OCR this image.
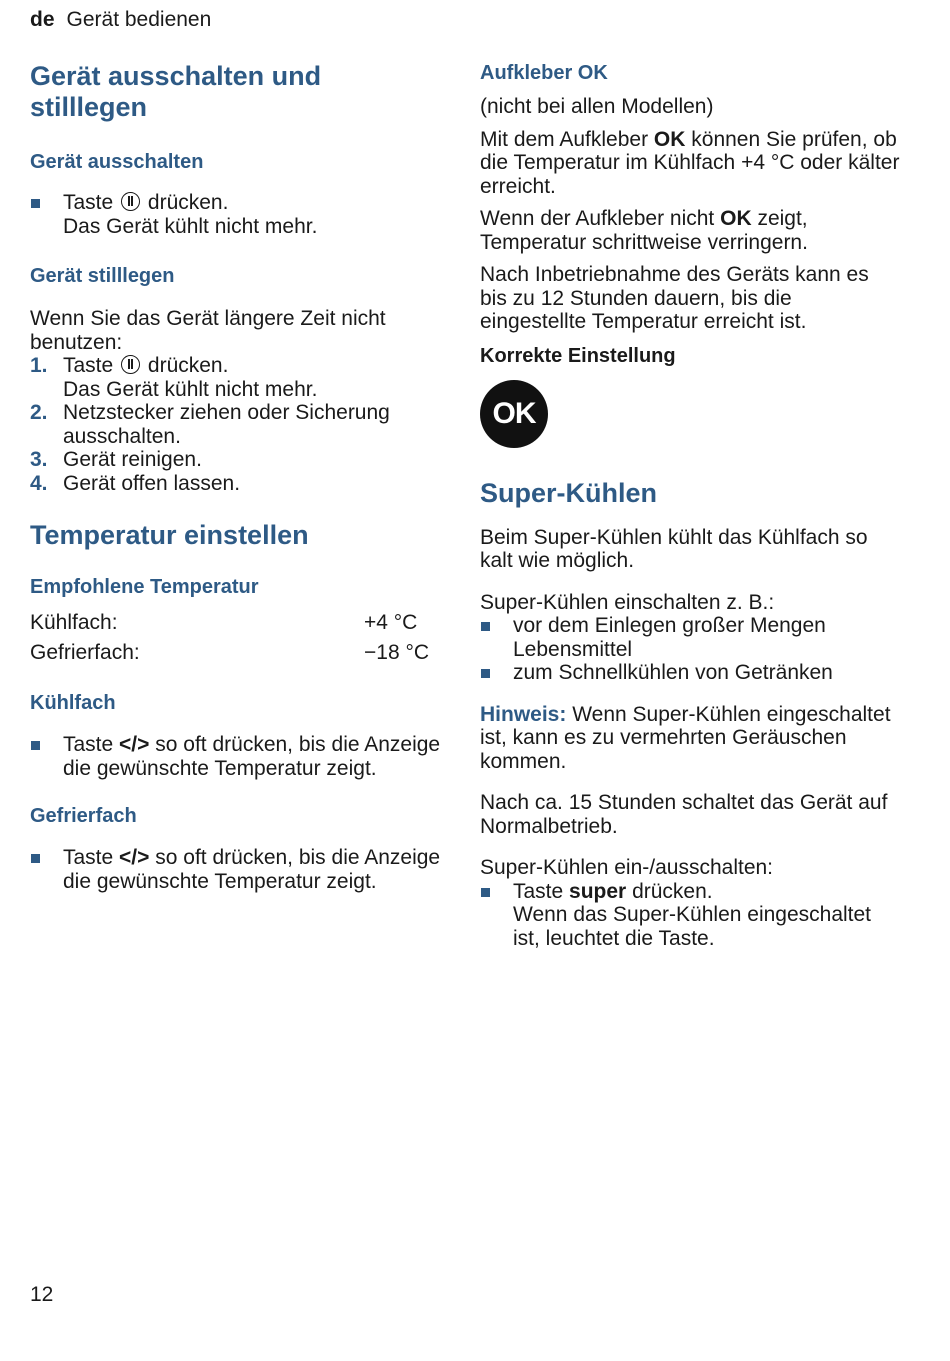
de Gerät bedienen
Gerät ausschalten und stilllegen
Gerät ausschalten
Taste drücken.
Das Gerät kühlt nicht mehr.
Gerät stilllegen
Wenn Sie das Gerät längere Zeit nicht benutzen:
1. Taste drücken.
Das Gerät kühlt nicht mehr.
2. Netzstecker ziehen oder Sicherung ausschalten.
3. Gerät reinigen.
4. Gerät offen lassen.
Temperatur einstellen
Empfohlene Temperatur
Kühlfach:	+4 °C
Gefrierfach:	−18 °C
Kühlfach
Taste </> so oft drücken, bis die Anzeige die gewünschte Temperatur zeigt.
Gefrierfach
Taste </> so oft drücken, bis die Anzeige die gewünschte Temperatur zeigt.
Aufkleber OK
(nicht bei allen Modellen)
Mit dem Aufkleber OK können Sie prüfen, ob die Temperatur im Kühlfach +4 °C oder kälter erreicht.
Wenn der Aufkleber nicht OK zeigt, Temperatur schrittweise verringern.
Nach Inbetriebnahme des Geräts kann es bis zu 12 Stunden dauern, bis die eingestellte Temperatur erreicht ist.
Korrekte Einstellung
OK
Super-Kühlen
Beim Super-Kühlen kühlt das Kühlfach so kalt wie möglich.
Super-Kühlen einschalten z. B.:
vor dem Einlegen großer Mengen Lebensmittel
zum Schnellkühlen von Getränken
Hinweis: Wenn Super-Kühlen eingeschaltet ist, kann es zu vermehrten Geräuschen kommen.
Nach ca. 15 Stunden schaltet das Gerät auf Normalbetrieb.
Super-Kühlen ein-/ausschalten:
Taste super drücken.
Wenn das Super-Kühlen eingeschaltet ist, leuchtet die Taste.
12
